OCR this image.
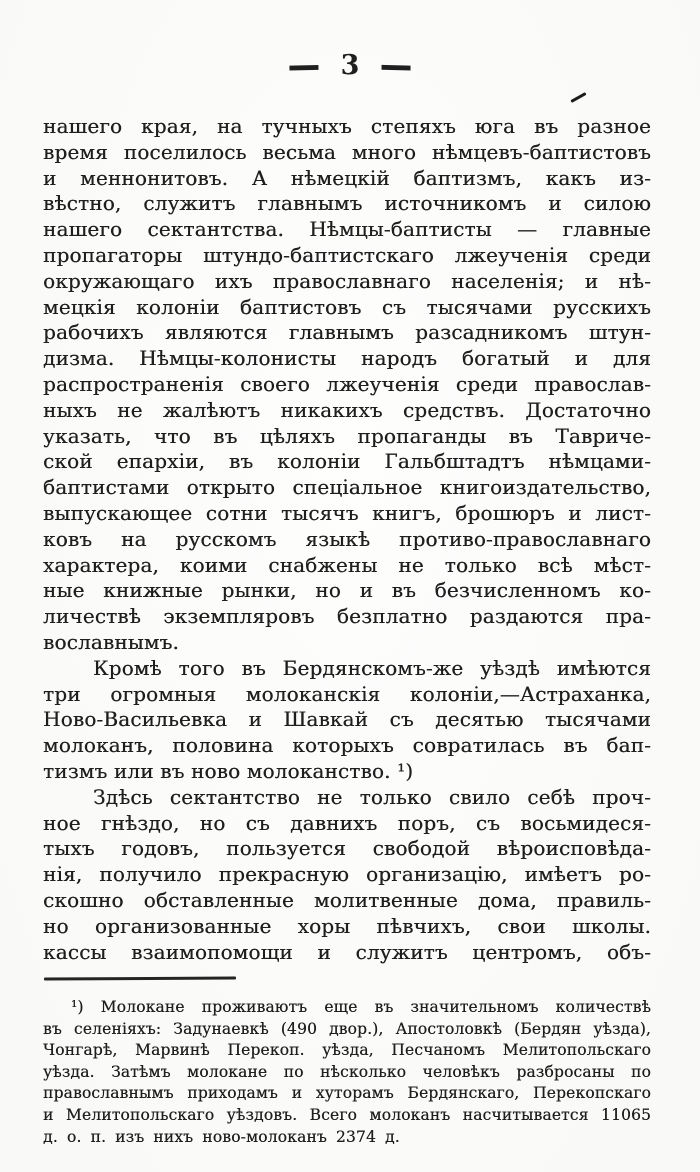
— 3 —
нашего края, на тучныхъ степяхъ юга въ разное
время поселилось весьма много нѣмцевъ-баптистовъ
и меннонитовъ. А нѣмецкій баптизмъ, какъ из-
вѣстно, служитъ главнымъ источникомъ и силою
нашего сектантства. Нѣмцы-баптисты — главные
пропагаторы штундо-баптистскаго лжеученія среди
окружающаго ихъ православнаго населенія; и нѣ-
мецкія колоніи баптистовъ съ тысячами русскихъ
рабочихъ являются главнымъ разсадникомъ штун-
дизма. Нѣмцы-колонисты народъ богатый и для
распространенія своего лжеученія среди православ-
ныхъ не жалѣютъ никакихъ средствъ. Достаточно
указать, что въ цѣляхъ пропаганды въ Тавриче-
ской епархіи, въ колоніи Гальбштадтъ нѣмцами-
баптистами открыто спеціальное книгоиздательство,
выпускающее сотни тысячъ книгъ, брошюръ и лист-
ковъ на русскомъ языкѣ противо-православнаго
характера, коими снабжены не только всѣ мѣст-
ные книжные рынки, но и въ безчисленномъ ко-
личествѣ экземпляровъ безплатно раздаются пра-
вославнымъ.
Кромѣ того въ Бердянскомъ-же уѣздѣ имѣются
три огромныя молоканскія колоніи,—Астраханка,
Ново-Васильевка и Шавкай съ десятью тысячами
молоканъ, половина которыхъ совратилась въ бап-
тизмъ или въ ново молоканство. ¹)
Здѣсь сектантство не только свило себѣ проч-
ное гнѣздо, но съ давнихъ поръ, съ восьмидеся-
тыхъ годовъ, пользуется свободой вѣроисповѣда-
нія, получило прекрасную организацію, имѣетъ ро-
скошно обставленные молитвенные дома, правиль-
но организованные хоры пѣвчихъ, свои школы.
кассы взаимопомощи и служитъ центромъ, объ-
¹) Молокане проживаютъ еще въ значительномъ количествѣ
въ селеніяхъ: Задунаевкѣ (490 двор.), Апостоловкѣ (Бердян уѣзда),
Чонгарѣ, Марвинѣ Перекоп. уѣзда, Песчаномъ Мелитопольскаго
уѣзда. Затѣмъ молокане по нѣсколько человѣкъ разбросаны по
православнымъ приходамъ и хуторамъ Бердянскаго, Перекопскаго
и Мелитопольскаго уѣздовъ. Всего молоканъ насчитывается 11065
д. о. п. изъ нихъ ново-молоканъ 2374 д.
